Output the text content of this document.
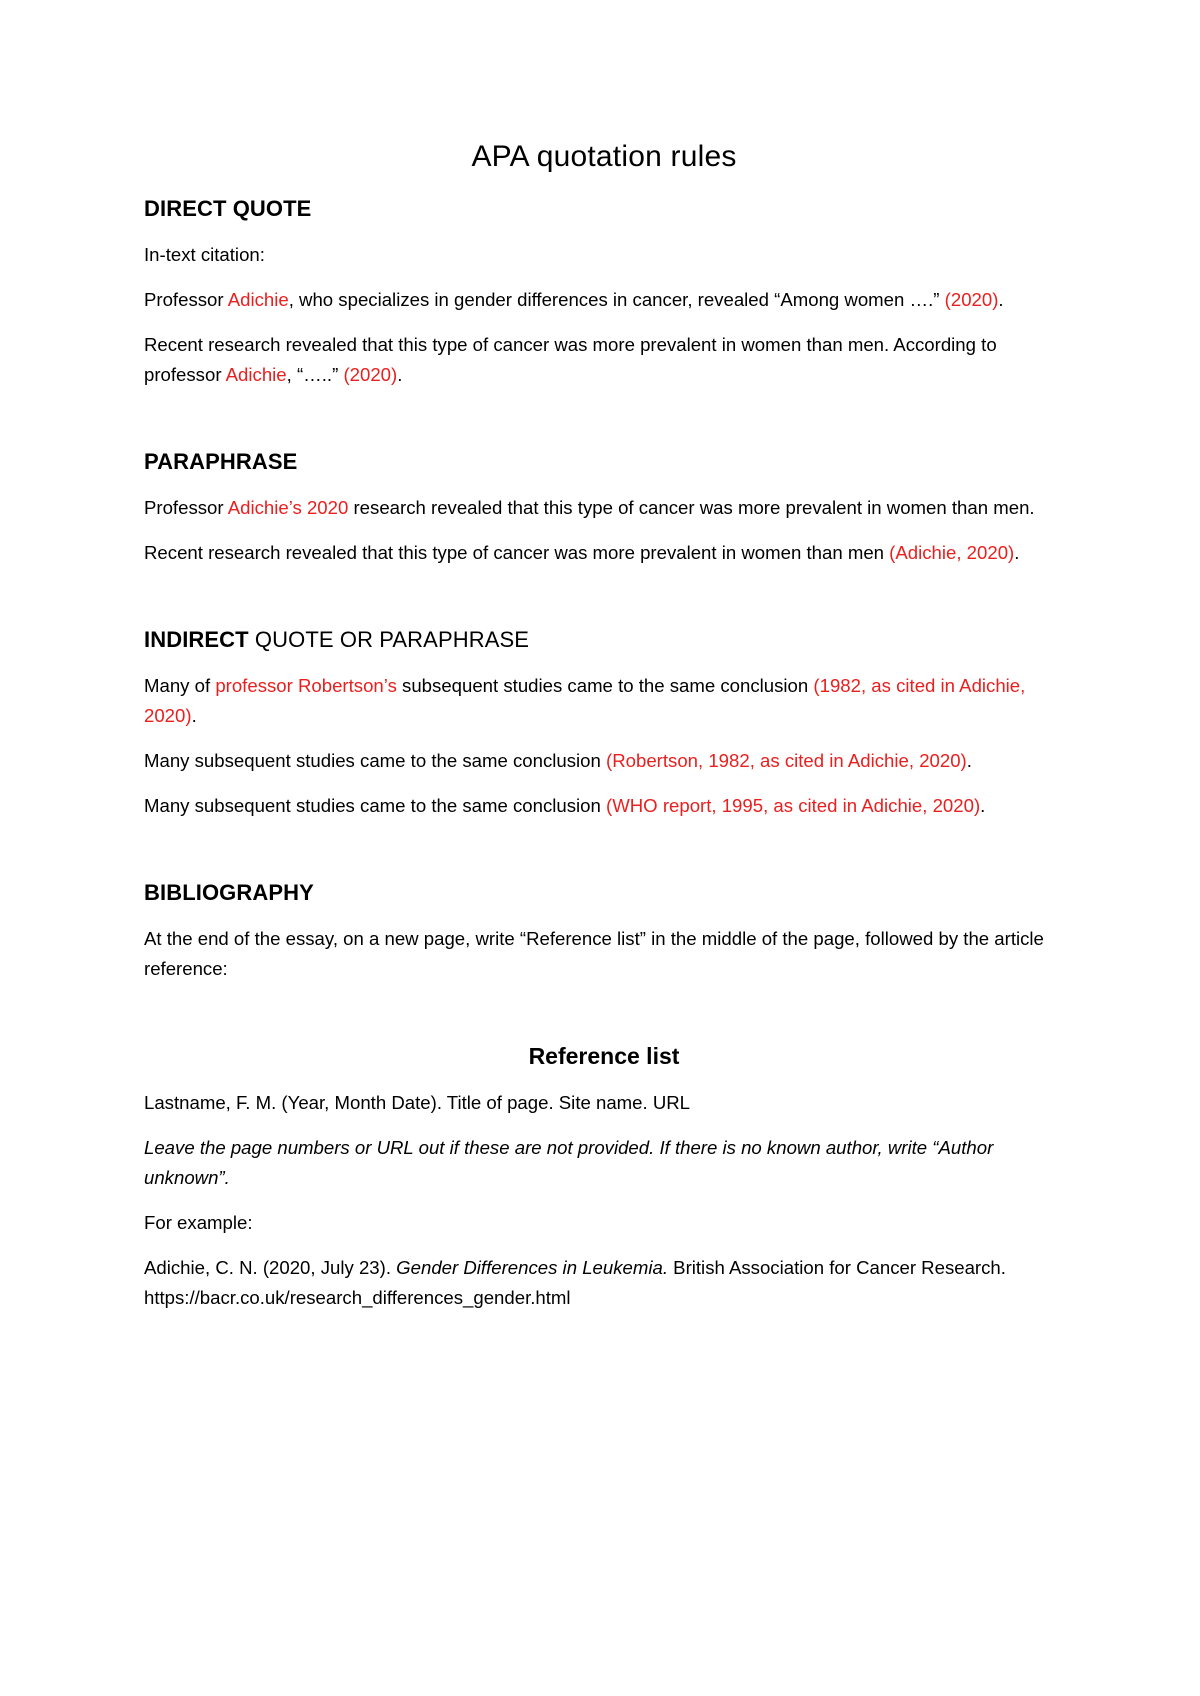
APA quotation rules
DIRECT QUOTE

In-text citation:

Professor Adichie, who specializes in gender differences in cancer, revealed “Among women ….” (2020).

Recent research revealed that this type of cancer was more prevalent in women than men. According to professor Adichie, “…..” (2020).

PARAPHRASE

Professor Adichie’s 2020 research revealed that this type of cancer was more prevalent in women than men.

Recent research revealed that this type of cancer was more prevalent in women than men (Adichie, 2020).

INDIRECT QUOTE OR PARAPHRASE

Many of professor Robertson’s subsequent studies came to the same conclusion (1982, as cited in Adichie, 2020).

Many subsequent studies came to the same conclusion (Robertson, 1982, as cited in Adichie, 2020).

Many subsequent studies came to the same conclusion (WHO report, 1995, as cited in Adichie, 2020).

BIBLIOGRAPHY

At the end of the essay, on a new page, write “Reference list” in the middle of the page, followed by the article reference:

Reference list

Lastname, F. M. (Year, Month Date). Title of page. Site name. URL

Leave the page numbers or URL out if these are not provided. If there is no known author, write “Author unknown”.

For example:

Adichie, C. N. (2020, July 23). Gender Differences in Leukemia. British Association for Cancer Research. https://bacr.co.uk/research_differences_gender.html
